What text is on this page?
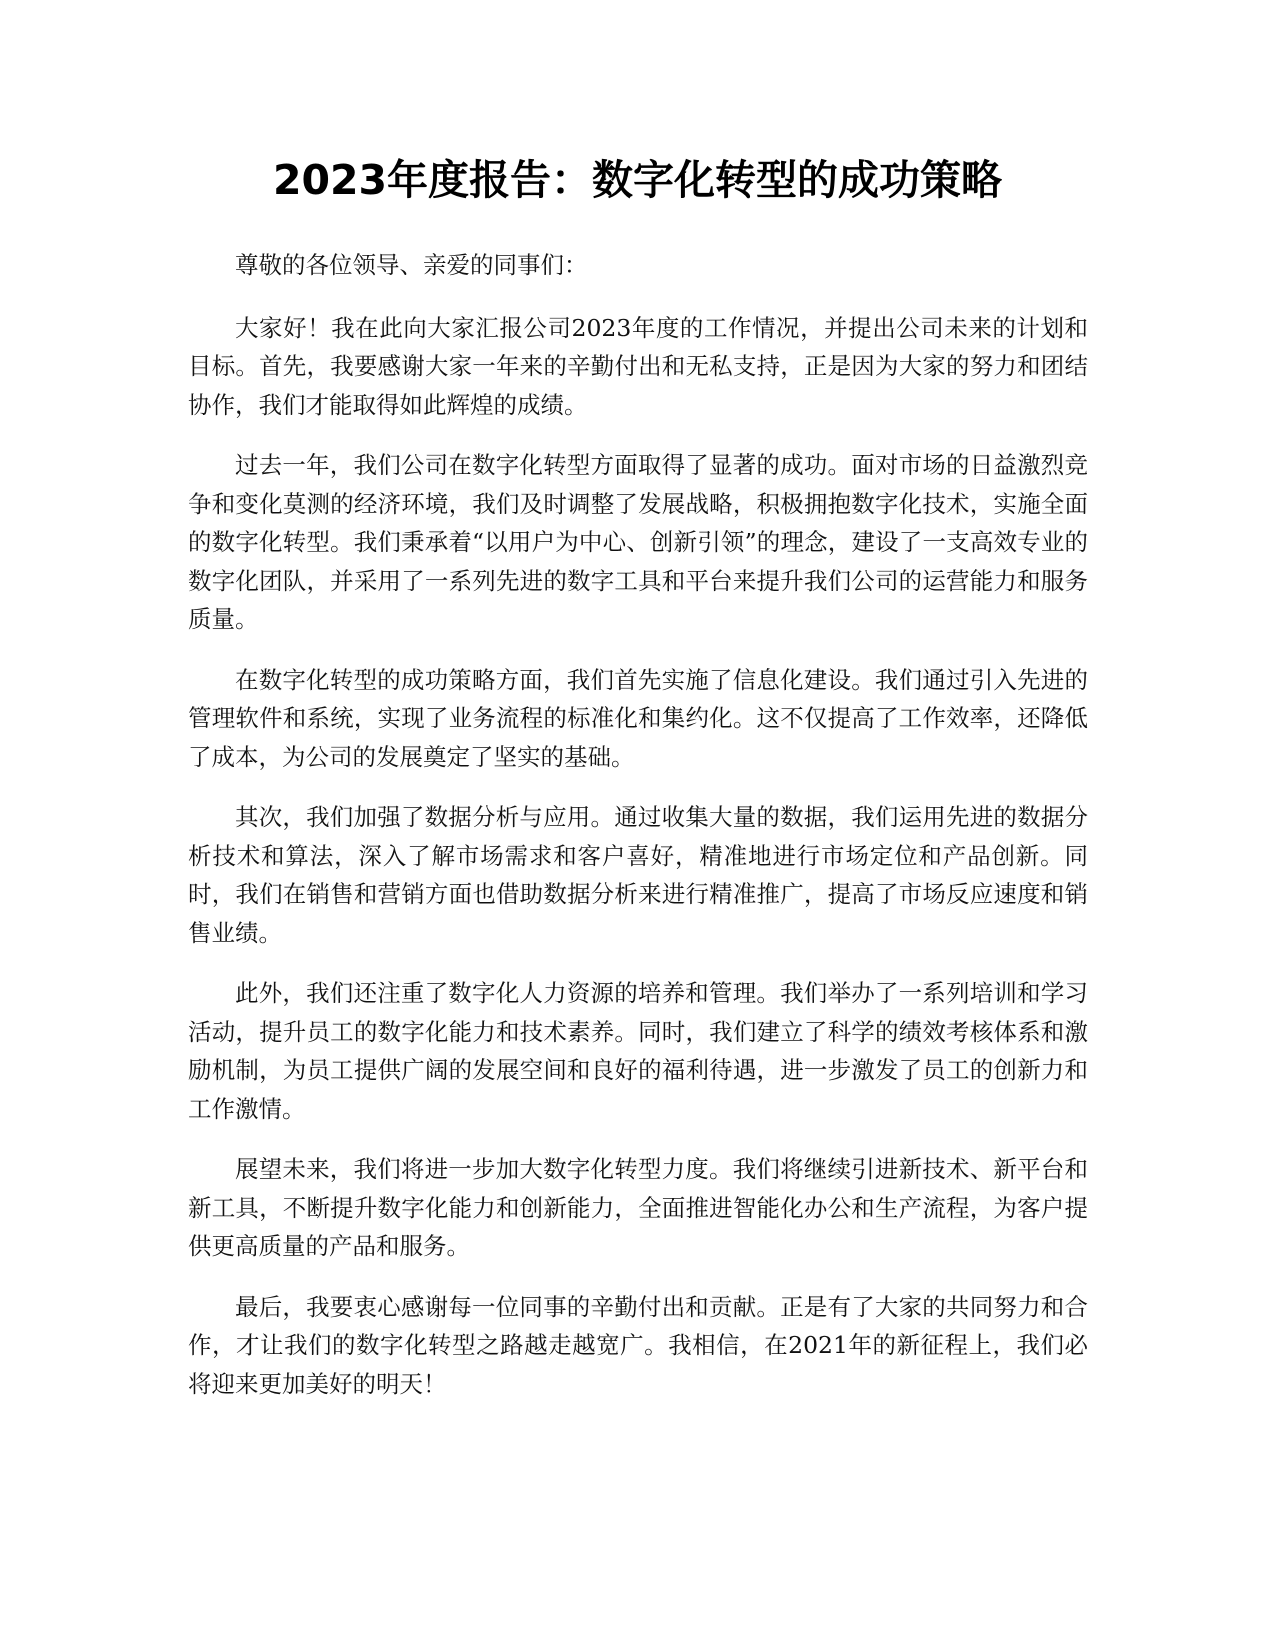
2023年度报告：数字化转型的成功策略

尊敬的各位领导、亲爱的同事们：

大家好！我在此向大家汇报公司2023年度的工作情况，并提出公司未来的计划和目标。首先，我要感谢大家一年来的辛勤付出和无私支持，正是因为大家的努力和团结协作，我们才能取得如此辉煌的成绩。

过去一年，我们公司在数字化转型方面取得了显著的成功。面对市场的日益激烈竞争和变化莫测的经济环境，我们及时调整了发展战略，积极拥抱数字化技术，实施全面的数字化转型。我们秉承着“以用户为中心、创新引领”的理念，建设了一支高效专业的数字化团队，并采用了一系列先进的数字工具和平台来提升我们公司的运营能力和服务质量。

在数字化转型的成功策略方面，我们首先实施了信息化建设。我们通过引入先进的管理软件和系统，实现了业务流程的标准化和集约化。这不仅提高了工作效率，还降低了成本，为公司的发展奠定了坚实的基础。

其次，我们加强了数据分析与应用。通过收集大量的数据，我们运用先进的数据分析技术和算法，深入了解市场需求和客户喜好，精准地进行市场定位和产品创新。同时，我们在销售和营销方面也借助数据分析来进行精准推广，提高了市场反应速度和销售业绩。

此外，我们还注重了数字化人力资源的培养和管理。我们举办了一系列培训和学习活动，提升员工的数字化能力和技术素养。同时，我们建立了科学的绩效考核体系和激励机制，为员工提供广阔的发展空间和良好的福利待遇，进一步激发了员工的创新力和工作激情。

展望未来，我们将进一步加大数字化转型力度。我们将继续引进新技术、新平台和新工具，不断提升数字化能力和创新能力，全面推进智能化办公和生产流程，为客户提供更高质量的产品和服务。

最后，我要衷心感谢每一位同事的辛勤付出和贡献。正是有了大家的共同努力和合作，才让我们的数字化转型之路越走越宽广。我相信，在2021年的新征程上，我们必将迎来更加美好的明天！
